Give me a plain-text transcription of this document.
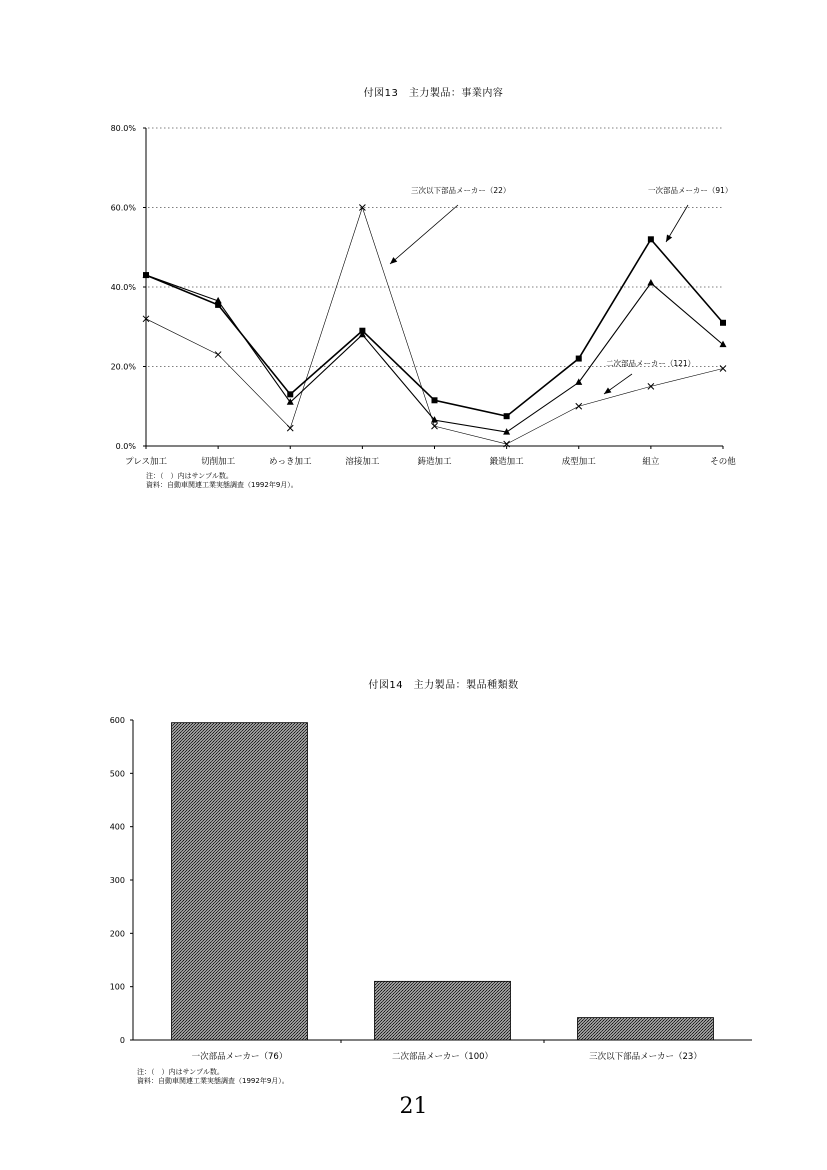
付図13　主力製品：事業内容
付図14　主力製品：製品種類数
0.0%
20.0%
40.0%
60.0%
80.0%
プレス加工	切削加工	めっき加工	溶接加工	鋳造加工	鍛造加工	成型加工	組立	その他
一次部品メーカー（91）
三次以下部品メーカー（22）
二次部品メーカー（121）
0
100
200
300
400
500
600
一次部品メーカー（76）	二次部品メーカー（100）	三次以下部品メーカー（23）
注：（　）内はサンプル数。
資料：自動車関連工業実態調査（1992年9月）。
注：（　）内はサンプル数。
資料：自動車関連工業実態調査（1992年9月）。
21
